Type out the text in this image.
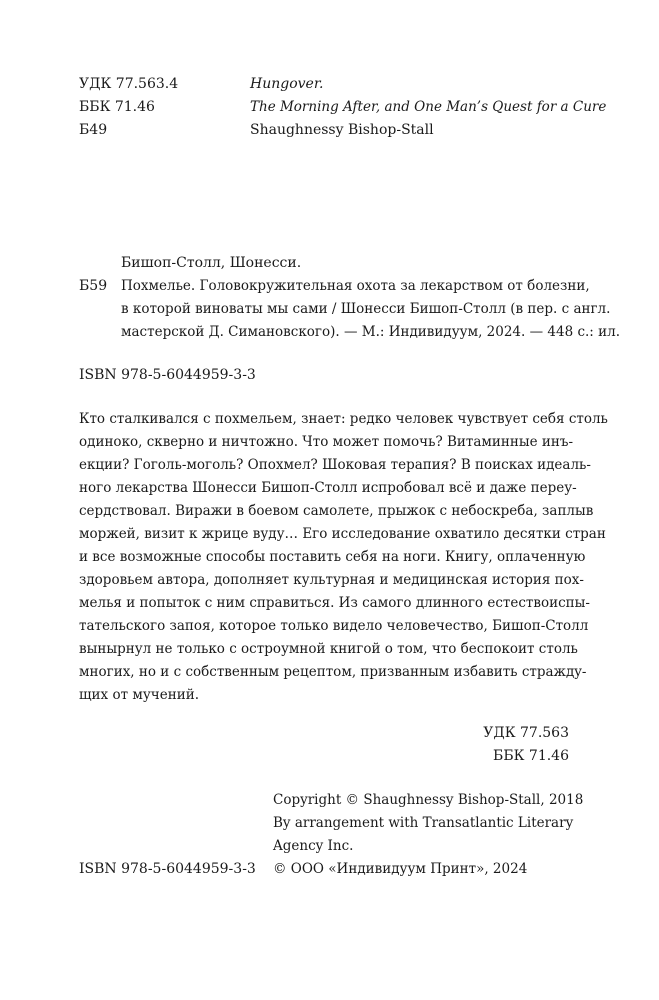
УДК 77.563.4
ББК 71.46
Б49
Hungover.
The Morning After, and One Man’s Quest for a Cure
Shaughnessy Bishop-Stall
Бишоп-Столл, Шонесси.
Б59 Похмелье. Головокружительная охота за лекарством от болезни,
в которой виноваты мы сами / Шонесси Бишоп-Столл (в пер. с англ.
мастерской Д. Симановского). — М.: Индивидуум, 2024. — 448 с.: ил.
ISBN 978-5-6044959-3-3
Кто сталкивался с похмельем, знает: редко человек чувствует себя столь
одиноко, скверно и ничтожно. Что может помочь? Витаминные инъ-
екции? Гоголь-моголь? Опохмел? Шоковая терапия? В поисках идеаль-
ного лекарства Шонесси Бишоп-Столл испробовал всё и даже переу-
сердствовал. Виражи в боевом самолете, прыжок с небоскреба, заплыв
моржей, визит к жрице вуду… Его исследование охватило десятки стран
и все возможные способы поставить себя на ноги. Книгу, оплаченную
здоровьем автора, дополняет культурная и медицинская история пох-
мелья и попыток с ним справиться. Из самого длинного естествоиспы-
тательского запоя, которое только видело человечество, Бишоп-Столл
вынырнул не только с остроумной книгой о том, что беспокоит столь
многих, но и с собственным рецептом, призванным избавить страждy-
щих от мучений.
УДК 77.563
ББК 71.46
Copyright © Shaughnessy Bishop-Stall, 2018
By arrangement with Transatlantic Literary
Agency Inc.
© ООО «Индивидуум Принт», 2024
ISBN 978-5-6044959-3-3
